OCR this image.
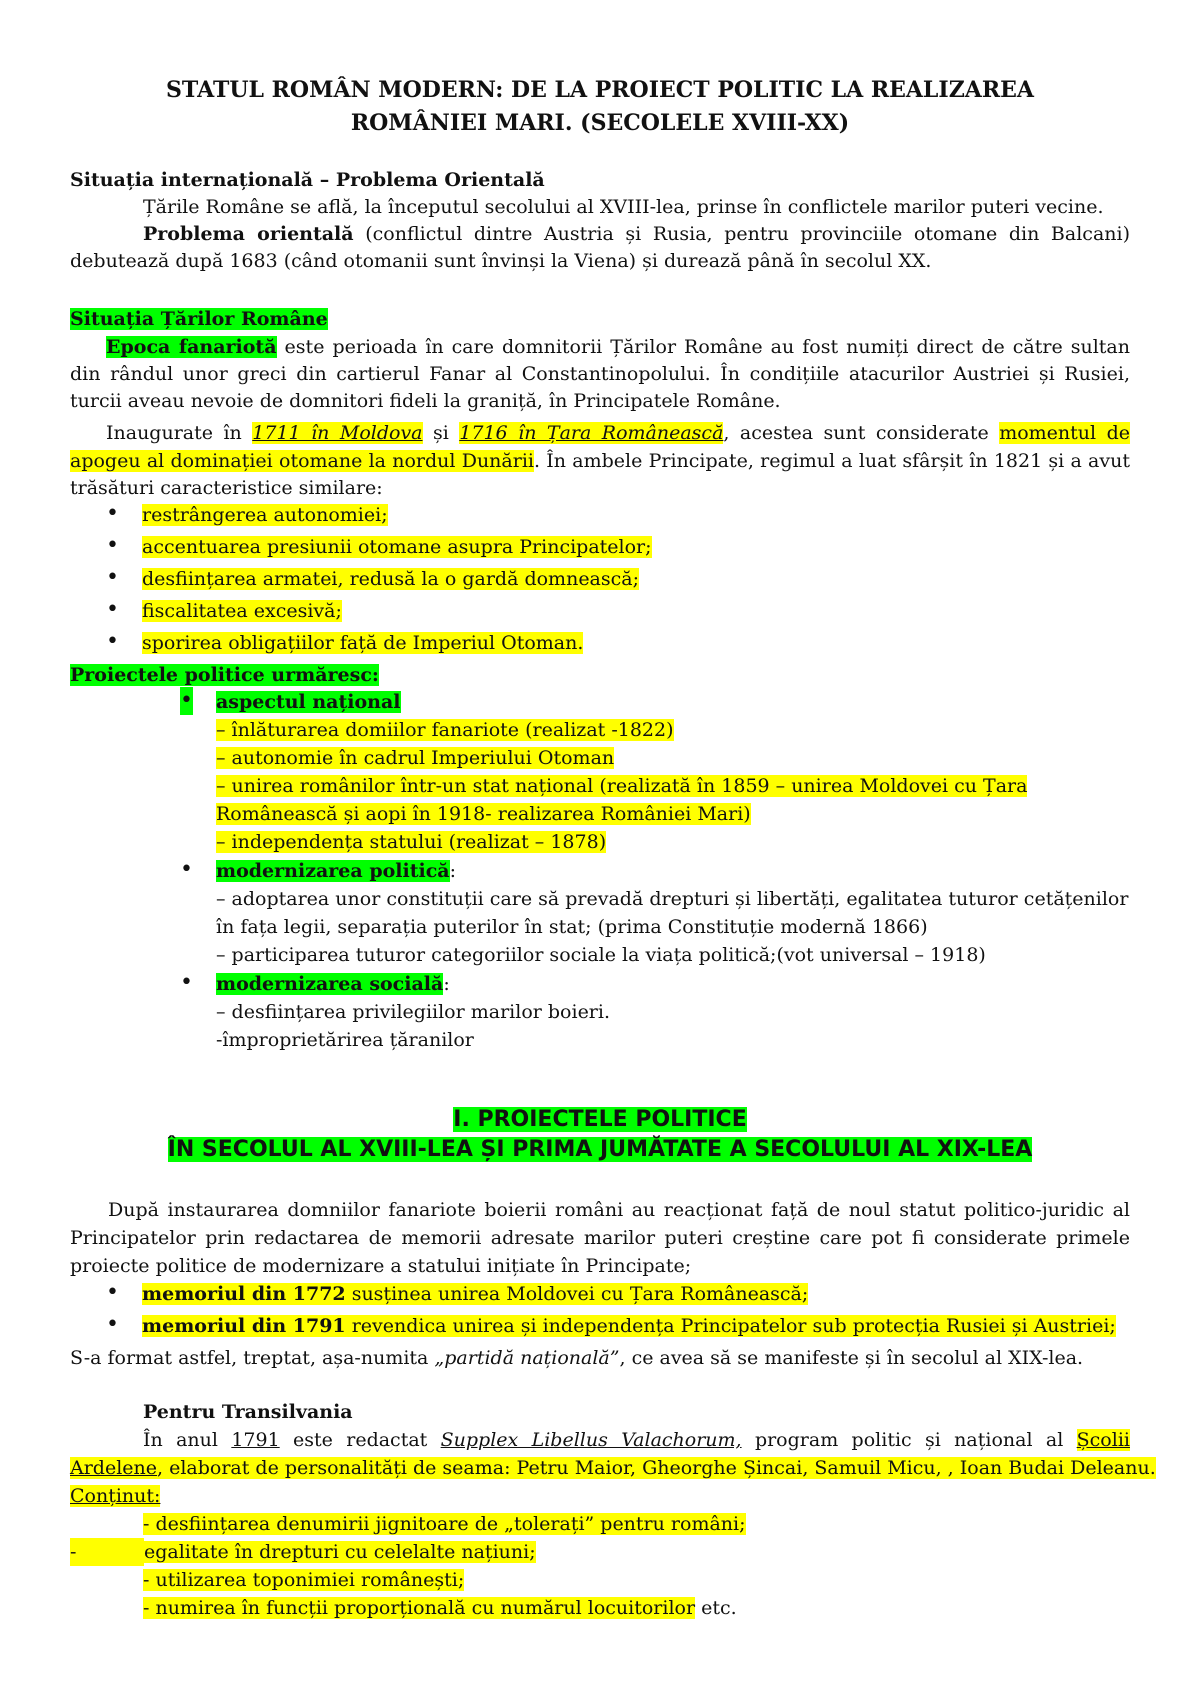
STATUL ROMÂN MODERN: DE LA PROIECT POLITIC LA REALIZAREA
ROMÂNIEI MARI. (SECOLELE XVIII-XX)
Situația internațională – Problema Orientală
Țările Române se află, la începutul secolului al XVIII-lea, prinse în conflictele marilor puteri vecine.
Problema orientală (conflictul dintre Austria și Rusia, pentru provinciile otomane din Balcani)
debutează după 1683 (când otomanii sunt învinși la Viena) și durează până în secolul XX.
Situația Țărilor Române
Epoca fanariotă este perioada în care domnitorii Țărilor Române au fost numiți direct de către sultan
din rândul unor greci din cartierul Fanar al Constantinopolului. În condițiile atacurilor Austriei și Rusiei,
turcii aveau nevoie de domnitori fideli la graniță, în Principatele Române.
Inaugurate în 1711 în Moldova și 1716 în Țara Românească, acestea sunt considerate momentul de
apogeu al dominației otomane la nordul Dunării. În ambele Principate, regimul a luat sfârșit în 1821 și a avut
trăsături caracteristice similare:
• restrângerea autonomiei;
• accentuarea presiunii otomane asupra Principatelor;
• desființarea armatei, redusă la o gardă domnească;
• fiscalitatea excesivă;
• sporirea obligațiilor față de Imperiul Otoman.
Proiectele politice urmăresc:
• aspectul național
– înlăturarea domiilor fanariote (realizat -1822)
– autonomie în cadrul Imperiului Otoman
– unirea românilor într-un stat național (realizată în 1859 – unirea Moldovei cu Țara
Românească și aopi în 1918- realizarea României Mari)
– independența statului (realizat – 1878)
• modernizarea politică:
– adoptarea unor constituții care să prevadă drepturi și libertăți, egalitatea tuturor cetățenilor
în fața legii, separația puterilor în stat; (prima Constituție modernă 1866)
– participarea tuturor categoriilor sociale la viața politică;(vot universal – 1918)
• modernizarea socială:
– desființarea privilegiilor marilor boieri.
-împroprietărirea țăranilor
I. PROIECTELE POLITICE
ÎN SECOLUL AL XVIII-LEA ȘI PRIMA JUMĂTATE A SECOLULUI AL XIX-LEA
După instaurarea domniilor fanariote boierii români au reacționat față de noul statut politico-juridic al
Principatelor prin redactarea de memorii adresate marilor puteri creștine care pot fi considerate primele
proiecte politice de modernizare a statului inițiate în Principate;
• memoriul din 1772 susținea unirea Moldovei cu Țara Românească;
• memoriul din 1791 revendica unirea și independența Principatelor sub protecția Rusiei și Austriei;
S-a format astfel, treptat, așa-numita „partidă națională”, ce avea să se manifeste și în secolul al XIX-lea.
Pentru Transilvania
În anul 1791 este redactat Supplex Libellus Valachorum, program politic și național al Școlii
Ardelene, elaborat de personalități de seama: Petru Maior, Gheorghe Șincai, Samuil Micu, , Ioan Budai Deleanu.
Conținut:
- desființarea denumirii jignitoare de „tolerați” pentru români;
-	egalitate în drepturi cu celelalte națiuni;
- utilizarea toponimiei românești;
- numirea în funcții proporțională cu numărul locuitorilor etc.
